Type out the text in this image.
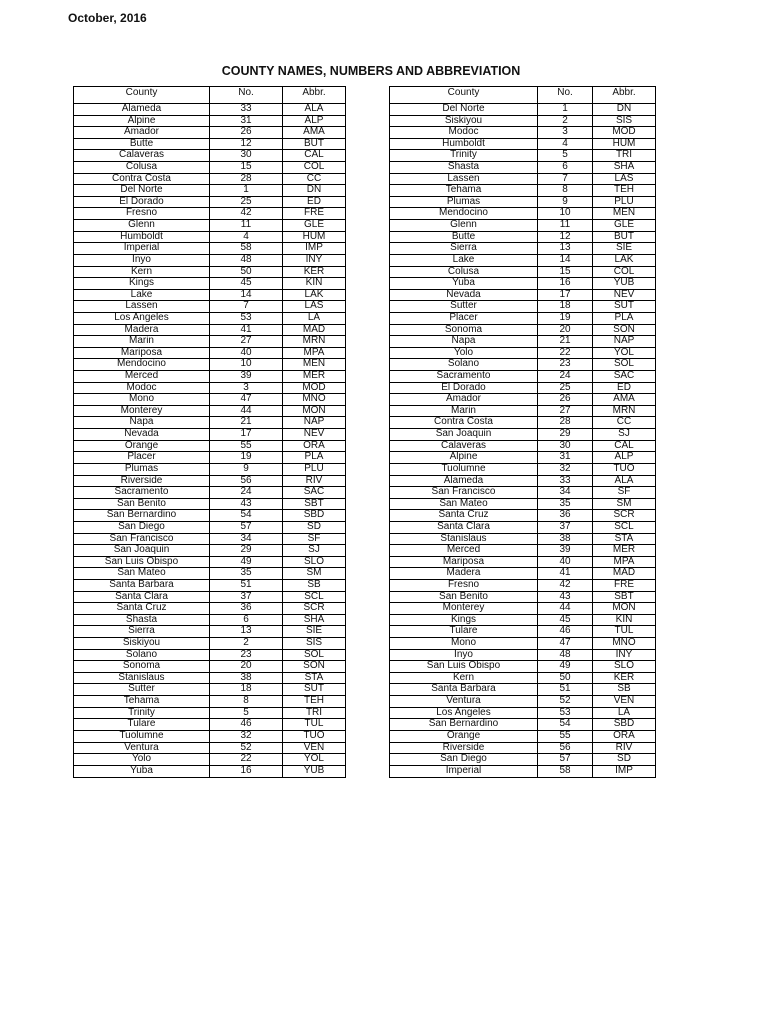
October, 2016
COUNTY NAMES, NUMBERS AND ABBREVIATION
County	No.	Abbr.
Alameda	33	ALA
Alpine	31	ALP
Amador	26	AMA
Butte	12	BUT
Calaveras	30	CAL
Colusa	15	COL
Contra Costa	28	CC
Del Norte	1	DN
El Dorado	25	ED
Fresno	42	FRE
Glenn	11	GLE
Humboldt	4	HUM
Imperial	58	IMP
Inyo	48	INY
Kern	50	KER
Kings	45	KIN
Lake	14	LAK
Lassen	7	LAS
Los Angeles	53	LA
Madera	41	MAD
Marin	27	MRN
Mariposa	40	MPA
Mendocino	10	MEN
Merced	39	MER
Modoc	3	MOD
Mono	47	MNO
Monterey	44	MON
Napa	21	NAP
Nevada	17	NEV
Orange	55	ORA
Placer	19	PLA
Plumas	9	PLU
Riverside	56	RIV
Sacramento	24	SAC
San Benito	43	SBT
San Bernardino	54	SBD
San Diego	57	SD
San Francisco	34	SF
San Joaquin	29	SJ
San Luis Obispo	49	SLO
San Mateo	35	SM
Santa Barbara	51	SB
Santa Clara	37	SCL
Santa Cruz	36	SCR
Shasta	6	SHA
Sierra	13	SIE
Siskiyou	2	SIS
Solano	23	SOL
Sonoma	20	SON
Stanislaus	38	STA
Sutter	18	SUT
Tehama	8	TEH
Trinity	5	TRI
Tulare	46	TUL
Tuolumne	32	TUO
Ventura	52	VEN
Yolo	22	YOL
Yuba	16	YUB
County	No.	Abbr.
Del Norte	1	DN
Siskiyou	2	SIS
Modoc	3	MOD
Humboldt	4	HUM
Trinity	5	TRI
Shasta	6	SHA
Lassen	7	LAS
Tehama	8	TEH
Plumas	9	PLU
Mendocino	10	MEN
Glenn	11	GLE
Butte	12	BUT
Sierra	13	SIE
Lake	14	LAK
Colusa	15	COL
Yuba	16	YUB
Nevada	17	NEV
Sutter	18	SUT
Placer	19	PLA
Sonoma	20	SON
Napa	21	NAP
Yolo	22	YOL
Solano	23	SOL
Sacramento	24	SAC
El Dorado	25	ED
Amador	26	AMA
Marin	27	MRN
Contra Costa	28	CC
San Joaquin	29	SJ
Calaveras	30	CAL
Alpine	31	ALP
Tuolumne	32	TUO
Alameda	33	ALA
San Francisco	34	SF
San Mateo	35	SM
Santa Cruz	36	SCR
Santa Clara	37	SCL
Stanislaus	38	STA
Merced	39	MER
Mariposa	40	MPA
Madera	41	MAD
Fresno	42	FRE
San Benito	43	SBT
Monterey	44	MON
Kings	45	KIN
Tulare	46	TUL
Mono	47	MNO
Inyo	48	INY
San Luis Obispo	49	SLO
Kern	50	KER
Santa Barbara	51	SB
Ventura	52	VEN
Los Angeles	53	LA
San Bernardino	54	SBD
Orange	55	ORA
Riverside	56	RIV
San Diego	57	SD
Imperial	58	IMP
